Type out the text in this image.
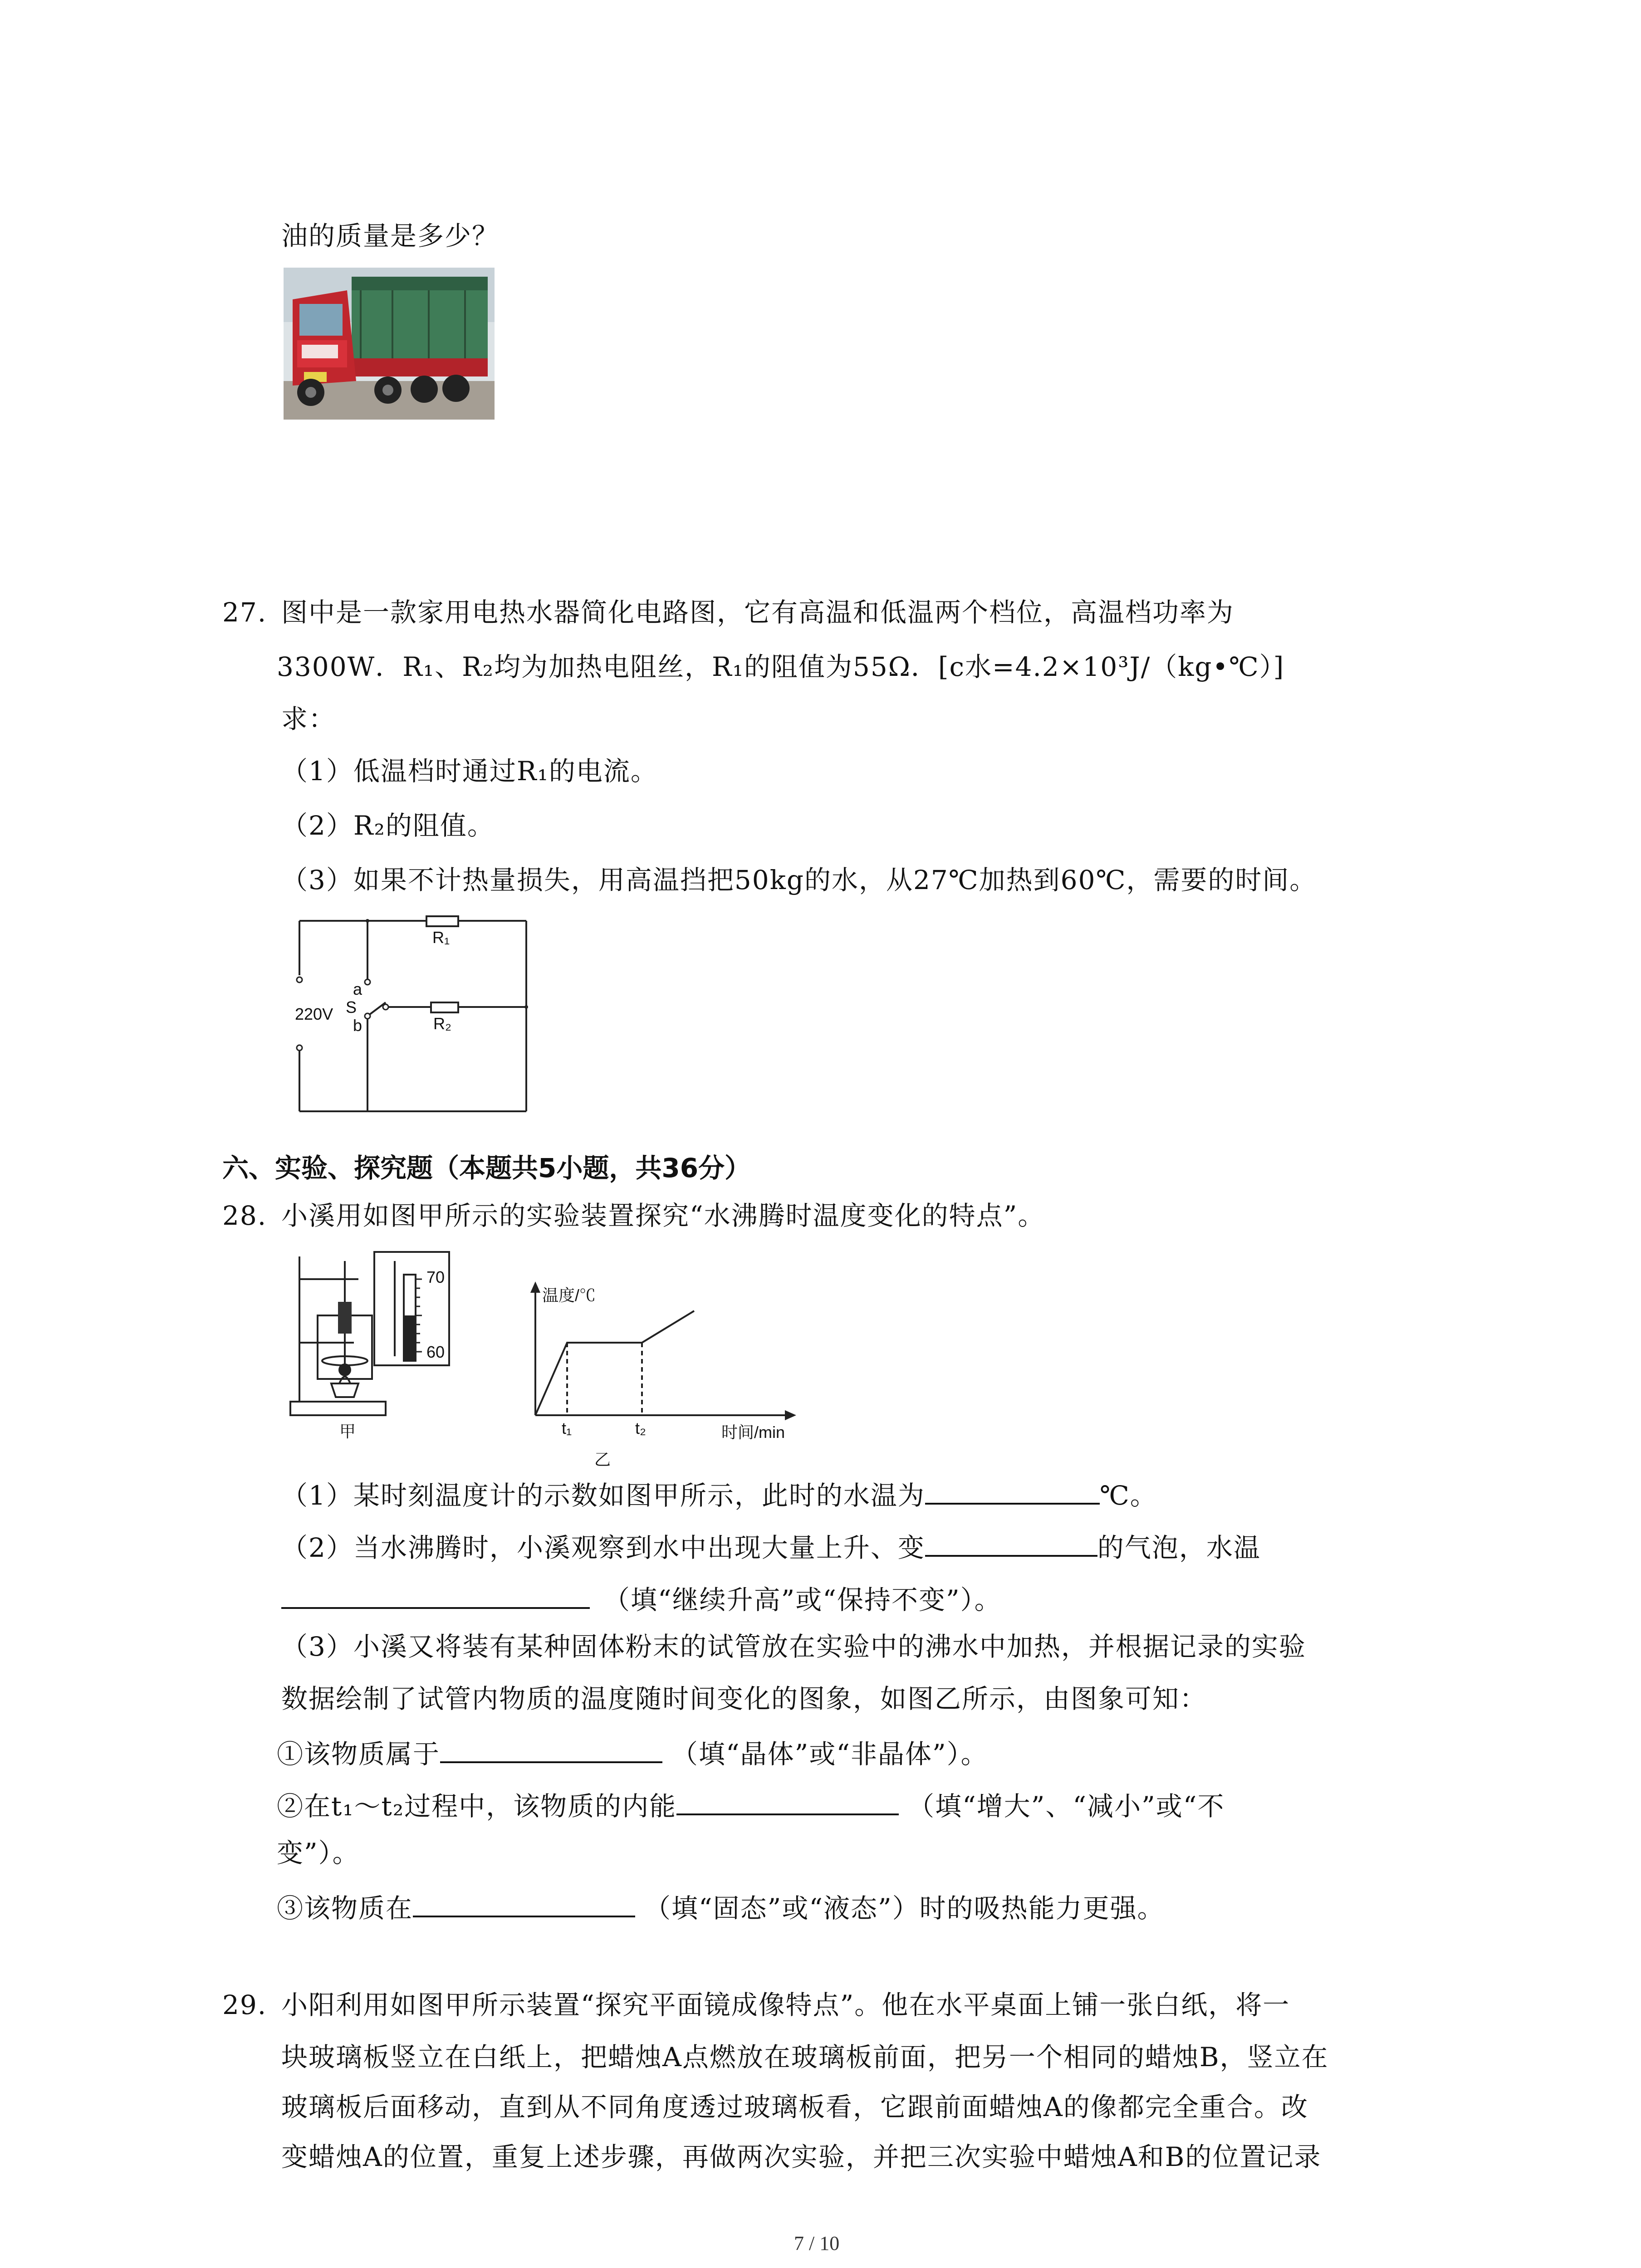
油的质量是多少？
27. 图中是一款家用电热水器简化电路图，它有高温和低温两个档位，高温档功率为
3300W．R₁、R₂均为加热电阻丝，R₁的阻值为55Ω．[c水=4.2×10³J/（kg•℃）]
求：
（1）低温档时通过R₁的电流。
（2）R₂的阻值。
（3）如果不计热量损失，用高温挡把50kg的水，从27℃加热到60℃，需要的时间。
R₁
R₂
220V
a
S
b
六、实验、探究题（本题共5小题，共36分）
28. 小溪用如图甲所示的实验装置探究“水沸腾时温度变化的特点”。
70
60
甲
温度/℃
t₁	t₂	时间/min
乙
（1）某时刻温度计的示数如图甲所示，此时的水温为	℃。
（2）当水沸腾时，小溪观察到水中出现大量上升、变	的气泡，水温
（填“继续升高”或“保持不变”）。
（3）小溪又将装有某种固体粉末的试管放在实验中的沸水中加热，并根据记录的实验
数据绘制了试管内物质的温度随时间变化的图象，如图乙所示，由图象可知：
①该物质属于	（填“晶体”或“非晶体”）。
②在t₁～t₂过程中，该物质的内能	（填“增大”、“减小”或“不
变”）。
③该物质在	（填“固态”或“液态”）时的吸热能力更强。
29. 小阳利用如图甲所示装置“探究平面镜成像特点”。他在水平桌面上铺一张白纸，将一
块玻璃板竖立在白纸上，把蜡烛A点燃放在玻璃板前面，把另一个相同的蜡烛B，竖立在
玻璃板后面移动，直到从不同角度透过玻璃板看，它跟前面蜡烛A的像都完全重合。改
变蜡烛A的位置，重复上述步骤，再做两次实验，并把三次实验中蜡烛A和B的位置记录
7 / 10
